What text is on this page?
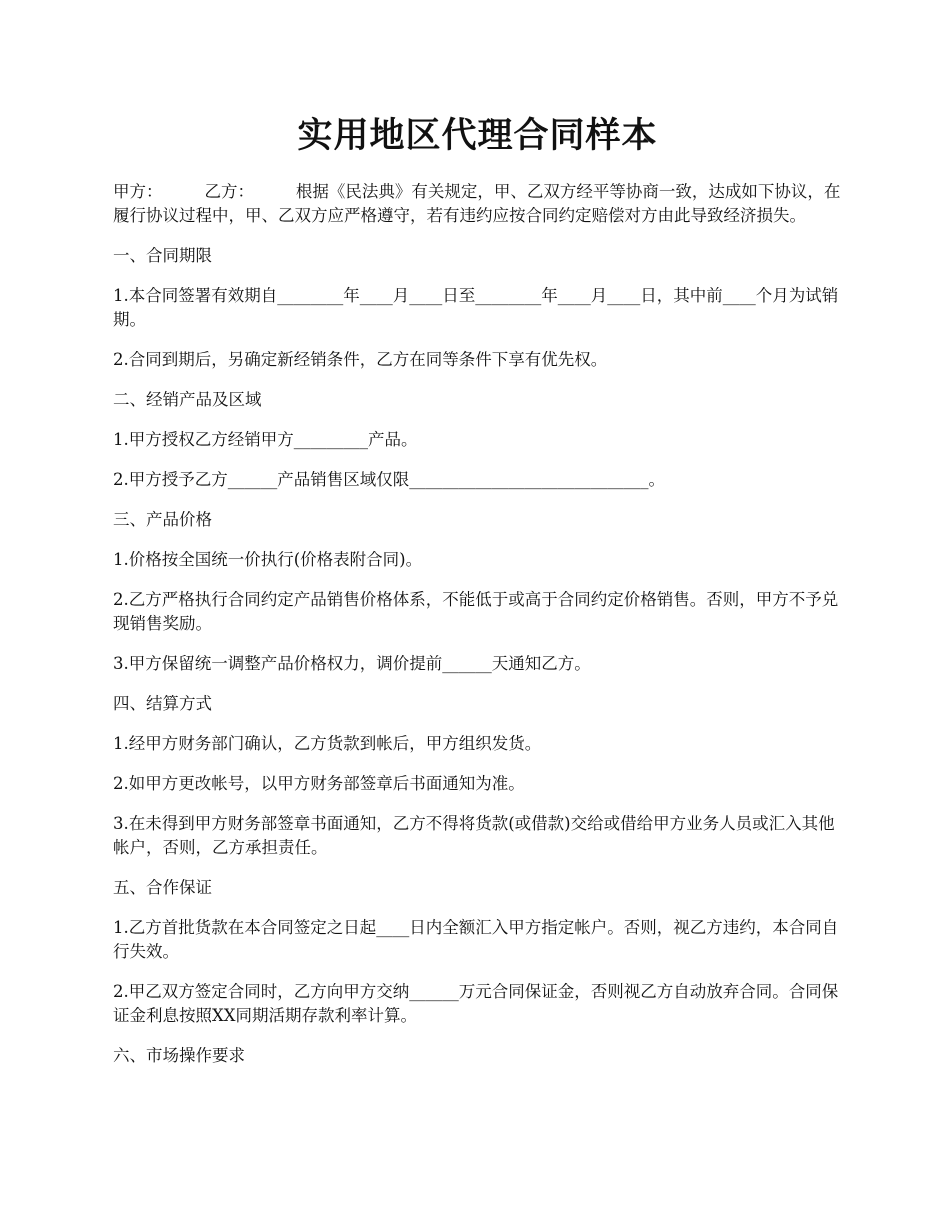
实用地区代理合同样本

甲方：        乙方：        根据《民法典》有关规定，甲、乙双方经平等协商一致，达成如下协议，在履行协议过程中，甲、乙双方应严格遵守，若有违约应按合同约定赔偿对方由此导致经济损失。

一、合同期限

1.本合同签署有效期自________年____月____日至________年____月____日，其中前____个月为试销期。

2.合同到期后，另确定新经销条件，乙方在同等条件下享有优先权。

二、经销产品及区域

1.甲方授权乙方经销甲方_________产品。

2.甲方授予乙方______产品销售区域仅限_____________________________。

三、产品价格

1.价格按全国统一价执行(价格表附合同)。

2.乙方严格执行合同约定产品销售价格体系，不能低于或高于合同约定价格销售。否则，甲方不予兑现销售奖励。

3.甲方保留统一调整产品价格权力，调价提前______天通知乙方。

四、结算方式

1.经甲方财务部门确认，乙方货款到帐后，甲方组织发货。

2.如甲方更改帐号，以甲方财务部签章后书面通知为准。

3.在未得到甲方财务部签章书面通知，乙方不得将货款(或借款)交给或借给甲方业务人员或汇入其他帐户，否则，乙方承担责任。

五、合作保证

1.乙方首批货款在本合同签定之日起____日内全额汇入甲方指定帐户。否则，视乙方违约，本合同自行失效。

2.甲乙双方签定合同时，乙方向甲方交纳______万元合同保证金，否则视乙方自动放弃合同。合同保证金利息按照XX同期活期存款利率计算。

六、市场操作要求
